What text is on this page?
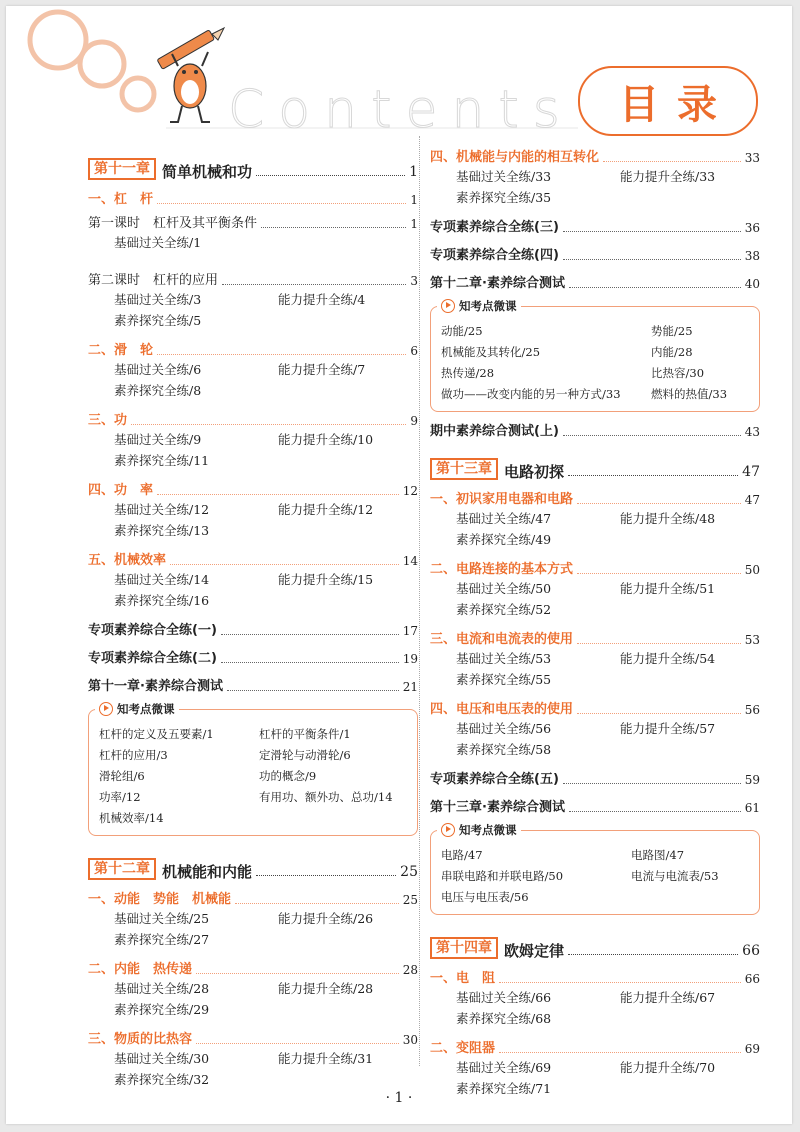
Contents 目录
第十一章 简单机械和功	1
一、杠　杆	1
第一课时　杠杆及其平衡条件	1
基础过关全练/1
第二课时　杠杆的应用	3
基础过关全练/3	能力提升全练/4
素养探究全练/5
二、滑　轮	6
基础过关全练/6	能力提升全练/7
素养探究全练/8
三、功	9
基础过关全练/9	能力提升全练/10
素养探究全练/11
四、功　率	12
基础过关全练/12	能力提升全练/12
素养探究全练/13
五、机械效率	14
基础过关全练/14	能力提升全练/15
素养探究全练/16
专项素养综合全练(一)	17
专项素养综合全练(二)	19
第十一章·素养综合测试	21
知考点微课
杠杆的定义及五要素/1	杠杆的平衡条件/1
杠杆的应用/3	定滑轮与动滑轮/6
滑轮组/6	功的概念/9
功率/12	有用功、额外功、总功/14
机械效率/14
第十二章 机械能和内能	25
一、动能　势能　机械能	25
基础过关全练/25	能力提升全练/26
素养探究全练/27
二、内能　热传递	28
基础过关全练/28	能力提升全练/28
素养探究全练/29
三、物质的比热容	30
基础过关全练/30	能力提升全练/31
素养探究全练/32
四、机械能与内能的相互转化	33
基础过关全练/33	能力提升全练/33
素养探究全练/35
专项素养综合全练(三)	36
专项素养综合全练(四)	38
第十二章·素养综合测试	40
知考点微课
动能/25	势能/25
机械能及其转化/25	内能/28
热传递/28	比热容/30
做功——改变内能的另一种方式/33	燃料的热值/33
期中素养综合测试(上)	43
第十三章 电路初探	47
一、初识家用电器和电路	47
基础过关全练/47	能力提升全练/48
素养探究全练/49
二、电路连接的基本方式	50
基础过关全练/50	能力提升全练/51
素养探究全练/52
三、电流和电流表的使用	53
基础过关全练/53	能力提升全练/54
素养探究全练/55
四、电压和电压表的使用	56
基础过关全练/56	能力提升全练/57
素养探究全练/58
专项素养综合全练(五)	59
第十三章·素养综合测试	61
知考点微课
电路/47	电路图/47
串联电路和并联电路/50	电流与电流表/53
电压与电压表/56
第十四章 欧姆定律	66
一、电　阻	66
基础过关全练/66	能力提升全练/67
素养探究全练/68
二、变阻器	69
基础过关全练/69	能力提升全练/70
素养探究全练/71
· 1 ·
